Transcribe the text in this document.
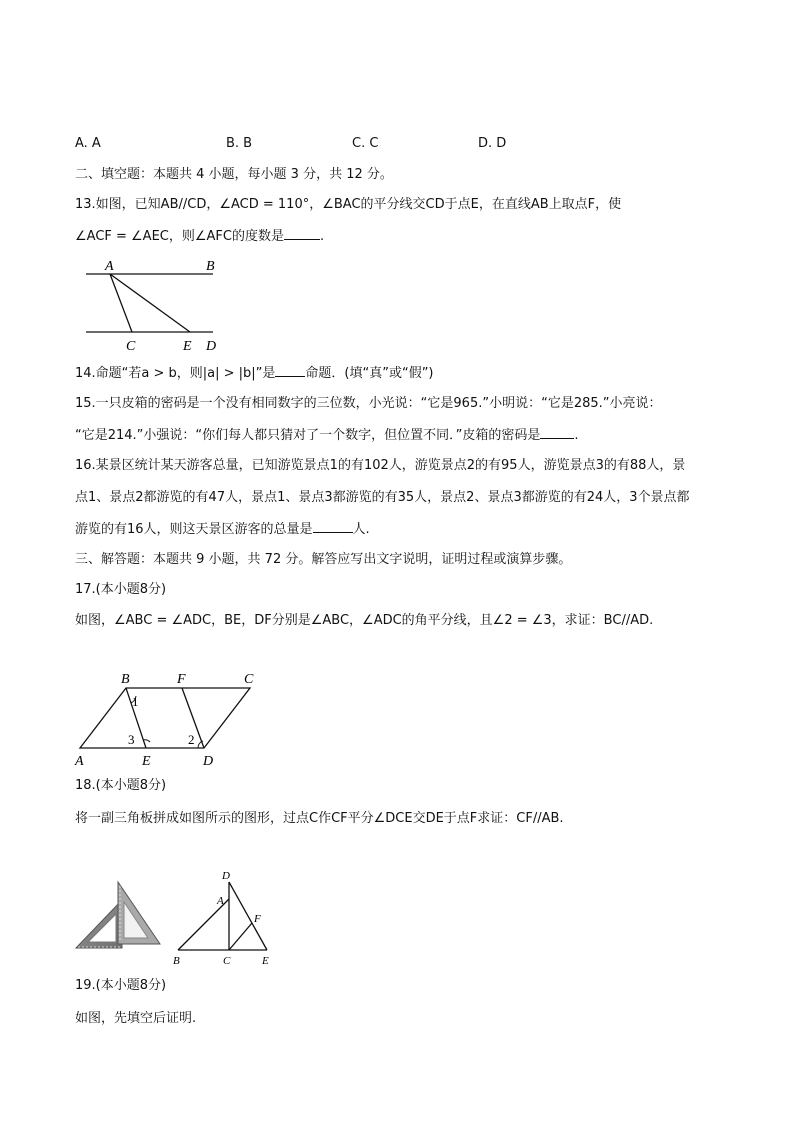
A. A	B. B	C. C	D. D
二、填空题：本题共 4 小题，每小题 3 分，共 12 分。
13.如图，已知AB//CD，∠ACD = 110°，∠BAC的平分线交CD于点E，在直线AB上取点F，使
∠ACF = ∠AEC，则∠AFC的度数是	.
A	B
C	E D
14.命题“若a > b，则|a| > |b|”是 命题．(填“真”或“假”)
15.一只皮箱的密码是一个没有相同数字的三位数，小光说：“它是965.”小明说：“它是285.”小亮说：
“它是214.”小强说：“你们每人都只猜对了一个数字，但位置不同．”皮箱的密码是	.
16.某景区统计某天游客总量，已知游览景点1的有102人，游览景点2的有95人，游览景点3的有88人，景
点1、景点2都游览的有47人，景点1、景点3都游览的有35人，景点2、景点3都游览的有24人，3个景点都
游览的有16人，则这天景区游客的总量是	人.
三、解答题：本题共 9 小题，共 72 分。解答应写出文字说明，证明过程或演算步骤。
17.(本小题8分)
如图，∠ABC = ∠ADC，BE，DF分别是∠ABC，∠ADC的角平分线，且∠2 = ∠3，求证：BC//AD.
B	F	C
A	E	D
1
3	2
18.(本小题8分)
将一副三角板拼成如图所示的图形，过点C作CF平分∠DCE交DE于点F求证：CF//AB.
D
A
F
B	C	E
19.(本小题8分)
如图，先填空后证明.
